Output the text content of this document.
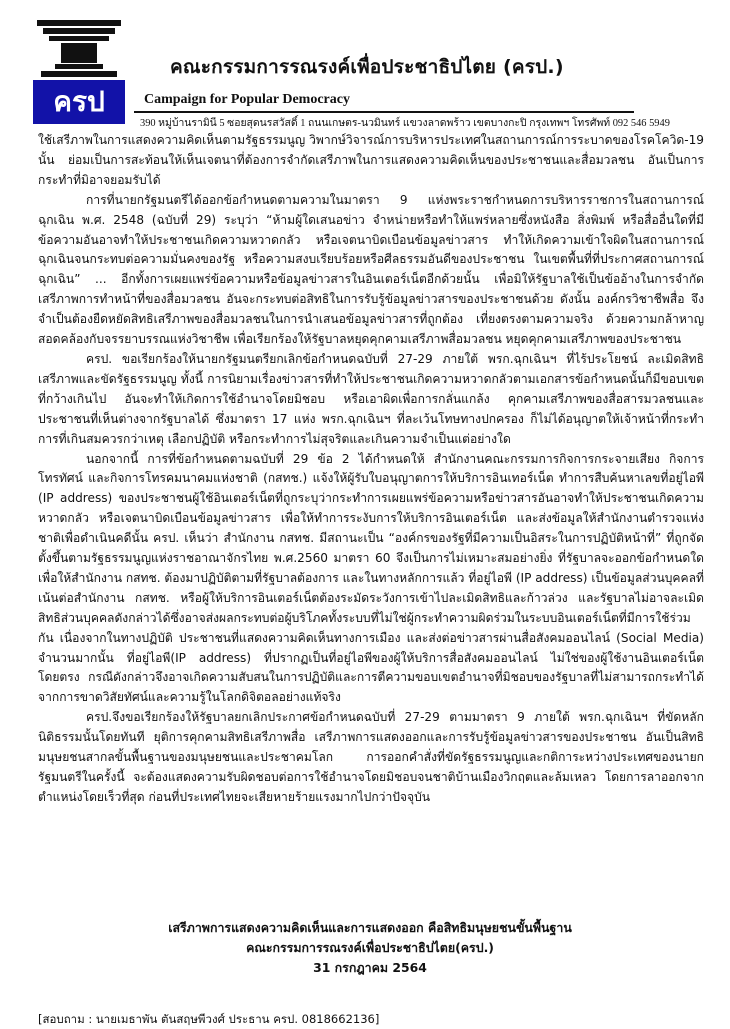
ครป
คณะกรรมการรณรงค์เพื่อประชาธิปไตย (ครป.)
Campaign for Popular Democracy
390 หมู่บ้านรามินี 5 ซอยสุดนรสวัสดิ์ 1 ถนนเกษตร-นวมินทร์ แขวงลาดพร้าว เขตบางกะปิ กรุงเทพฯ โทรศัพท์ 092 546 5949

ใช้เสรีภาพในการแสดงความคิดเห็นตามรัฐธรรมนูญ วิพากษ์วิจารณ์การบริหารประเทศในสถานการณ์การระบาดของโรคโควิด-19 นั้น ย่อมเป็นการสะท้อนให้เห็นเจตนาที่ต้องการจำกัดเสรีภาพในการแสดงความคิดเห็นของประชาชนและสื่อมวลชน อันเป็นการกระทำที่มิอาจยอมรับได้

การที่นายกรัฐมนตรีได้ออกข้อกำหนดตามความในมาตรา 9 แห่งพระราชกำหนดการบริหารราชการในสถานการณ์ฉุกเฉิน พ.ศ. 2548 (ฉบับที่ 29) ระบุว่า “ห้ามผู้ใดเสนอข่าว จำหน่ายหรือทำให้แพร่หลายซึ่งหนังสือ สิ่งพิมพ์ หรือสื่ออื่นใดที่มีข้อความอันอาจทำให้ประชาชนเกิดความหวาดกลัว หรือเจตนาบิดเบือนข้อมูลข่าวสาร ทำให้เกิดความเข้าใจผิดในสถานการณ์ฉุกเฉินจนกระทบต่อความมั่นคงของรัฐ หรือความสงบเรียบร้อยหรือศีลธรรมอันดีของประชาชน ในเขตพื้นที่ที่ประกาศสถานการณ์ฉุกเฉิน” ... อีกทั้งการเผยแพร่ข้อความหรือข้อมูลข่าวสารในอินเตอร์เน็ตอีกด้วยนั้น เพื่อมิให้รัฐบาลใช้เป็นข้ออ้างในการจำกัดเสรีภาพการทำหน้าที่ของสื่อมวลชน อันจะกระทบต่อสิทธิในการรับรู้ข้อมูลข่าวสารของประชาชนด้วย ดังนั้น องค์กรวิชาชีพสื่อ จึงจำเป็นต้องยืดหยัดสิทธิเสรีภาพของสื่อมวลชนในการนำเสนอข้อมูลข่าวสารที่ถูกต้อง เที่ยงตรงตามความจริง ด้วยความกล้าหาญสอดคล้องกับจรรยาบรรณแห่งวิชาชีพ เพื่อเรียกร้องให้รัฐบาลหยุดคุกคามเสรีภาพสื่อมวลชน หยุดคุกคามเสรีภาพของประชาชน

ครป. ขอเรียกร้องให้นายกรัฐมนตรียกเลิกข้อกำหนดฉบับที่ 27-29 ภายใต้ พรก.ฉุกเฉินฯ ที่ไร้ประโยชน์ ละเมิดสิทธิเสรีภาพและขัดรัฐธรรมนูญ ทั้งนี้ การนิยามเรื่องข่าวสารที่ทำให้ประชาชนเกิดความหวาดกลัวตามเอกสารข้อกำหนดนั้นก็มีขอบเขตที่กว้างเกินไป อันจะทำให้เกิดการใช้อำนาจโดยมิชอบ หรือเอาผิดเพื่อการกลั่นแกล้ง คุกคามเสรีภาพของสื่อสารมวลชนและประชาชนที่เห็นต่างจากรัฐบาลได้ ซึ่งมาตรา 17 แห่ง พรก.ฉุกเฉินฯ ที่ละเว้นโทษทางปกครอง ก็ไม่ได้อนุญาตให้เจ้าหน้าที่กระทำการที่เกินสมควรกว่าเหตุ เลือกปฏิบัติ หรือกระทำการไม่สุจริตและเกินความจำเป็นแต่อย่างใด

นอกจากนี้ การที่ข้อกำหนดตามฉบับที่ 29 ข้อ 2 ได้กำหนดให้ สำนักงานคณะกรรมการกิจการกระจายเสียง กิจการโทรทัศน์ และกิจการโทรคมนาคมแห่งชาติ (กสทช.) แจ้งให้ผู้รับใบอนุญาตการให้บริการอินเทอร์เน็ต ทำการสืบค้นหาเลขที่อยู่ไอพี (IP address) ของประชาชนผู้ใช้อินเตอร์เน็ตที่ถูกระบุว่ากระทำการเผยแพร่ข้อความหรือข่าวสารอันอาจทำให้ประชาชนเกิดความหวาดกลัว หรือเจตนาบิดเบือนข้อมูลข่าวสาร เพื่อให้ทำการระงับการให้บริการอินเตอร์เน็ต และส่งข้อมูลให้สำนักงานตำรวจแห่งชาติเพื่อดำเนินคดีนั้น ครป. เห็นว่า สำนักงาน กสทช. มีสถานะเป็น “องค์กรของรัฐที่มีความเป็นอิสระในการปฏิบัติหน้าที่” ที่ถูกจัดตั้งขึ้นตามรัฐธรรมนูญแห่งราชอาณาจักรไทย พ.ศ.2560 มาตรา 60 จึงเป็นการไม่เหมาะสมอย่างยิ่ง ที่รัฐบาลจะออกข้อกำหนดใดเพื่อให้สำนักงาน กสทช. ต้องมาปฏิบัติตามที่รัฐบาลต้องการ และในทางหลักการแล้ว ที่อยู่ไอพี (IP address) เป็นข้อมูลส่วนบุคคลที่เน้นต่อสำนักงาน กสทช. หรือผู้ให้บริการอินเตอร์เน็ตต้องระมัดระวังการเข้าไปละเมิดสิทธิและก้าวล่วง และรัฐบาลไม่อาจละเมิดสิทธิส่วนบุคคลดังกล่าวได้ซึ่งอาจส่งผลกระทบต่อผู้บริโภคทั้งระบบที่ไม่ใช่ผู้กระทำความผิดร่วมในระบบอินเตอร์เน็ตที่มีการใช้ร่วมกัน เนื่องจากในทางปฏิบัติ ประชาชนที่แสดงความคิดเห็นทางการเมือง และส่งต่อข่าวสารผ่านสื่อสังคมออนไลน์ (Social Media) จำนวนมากนั้น ที่อยู่ไอพี(IP address) ที่ปรากฏเป็นที่อยู่ไอพีของผู้ให้บริการสื่อสังคมออนไลน์ ไม่ใช่ของผู้ใช้งานอินเตอร์เน็ตโดยตรง กรณีดังกล่าวจึงอาจเกิดความสับสนในการปฏิบัติและการตีความขอบเขตอำนาจที่มิชอบของรัฐบาลที่ไม่สามารถกระทำได้จากการขาดวิสัยทัศน์และความรู้ในโลกดิจิตอลอย่างแท้จริง

ครป.จึงขอเรียกร้องให้รัฐบาลยกเลิกประกาศข้อกำหนดฉบับที่ 27-29 ตามมาตรา 9 ภายใต้ พรก.ฉุกเฉินฯ ที่ขัดหลักนิติธรรมนั้นโดยทันที ยุติการคุกคามสิทธิเสรีภาพสื่อ เสรีภาพการแสดงออกและการรับรู้ข้อมูลข่าวสารของประชาชน อันเป็นสิทธิมนุษยชนสากลขั้นพื้นฐานของมนุษยชนและประชาคมโลก การออกคำสั่งที่ขัดรัฐธรรมนูญและกติการะหว่างประเทศของนายกรัฐมนตรีในครั้งนี้ จะต้องแสดงความรับผิดชอบต่อการใช้อำนาจโดยมิชอบจนชาติบ้านเมืองวิกฤตและล้มเหลว โดยการลาออกจากตำแหน่งโดยเร็วที่สุด ก่อนที่ประเทศไทยจะเสียหายร้ายแรงมากไปกว่าปัจจุบัน

เสรีภาพการแสดงความคิดเห็นและการแสดงออก คือสิทธิมนุษยชนขั้นพื้นฐาน
คณะกรรมการรณรงค์เพื่อประชาธิปไตย(ครป.)
31 กรกฎาคม 2564
[สอบถาม : นายเมธาพัน ตันสฤษพีวงศ์ ประธาน ครป. 0818662136]
